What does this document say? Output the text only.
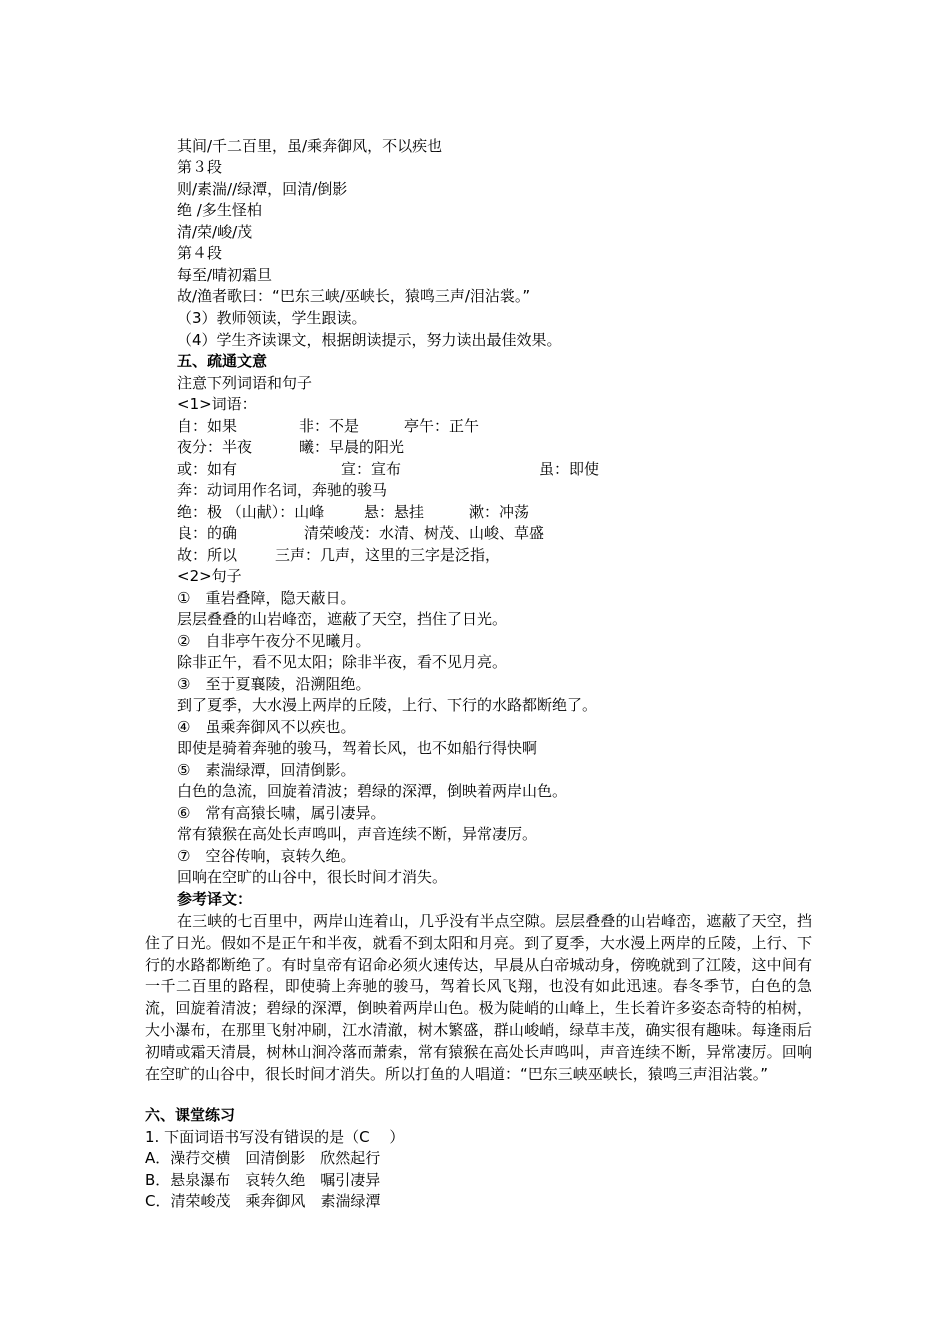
其间/千二百里，虽/乘奔御风，不以疾也
第３段
则/素湍//绿潭，回清/倒影
绝 /多生怪柏
清/荣/峻/茂
第４段
每至/晴初霜旦
故/渔者歌曰：“巴东三峡/巫峡长，猿鸣三声/泪沾裳。”
（3）教师领读，学生跟读。
（4）学生齐读课文，根据朗读提示，努力读出最佳效果。
五、疏通文意
注意下列词语和句子
<1>词语：
自：如果	非：不是	亭午：正午
夜分：半夜	曦：早晨的阳光
或：如有	宣：宣布	虽：即使
奔：动词用作名词，奔驰的骏马
绝：极 （山献）：山峰	悬：悬挂	漱：冲荡
良：的确	清荣峻茂：水清、树茂、山峻、草盛
故：所以	三声：几声，这里的三字是泛指，
<2>句子
①　重岩叠障，隐天蔽日。
层层叠叠的山岩峰峦，遮蔽了天空，挡住了日光。
②　自非亭午夜分不见曦月。
除非正午，看不见太阳；除非半夜，看不见月亮。
③　至于夏襄陵，沿溯阻绝。
到了夏季，大水漫上两岸的丘陵，上行、下行的水路都断绝了。
④　虽乘奔御风不以疾也。
即使是骑着奔驰的骏马，驾着长风，也不如船行得快啊
⑤　素湍绿潭，回清倒影。
白色的急流，回旋着清波；碧绿的深潭，倒映着两岸山色。
⑥　常有高猿长啸，属引凄异。
常有猿猴在高处长声鸣叫，声音连续不断，异常凄厉。
⑦　空谷传响，哀转久绝。
回响在空旷的山谷中，很长时间才消失。
参考译文：
在三峡的七百里中，两岸山连着山，几乎没有半点空隙。层层叠叠的山岩峰峦，遮蔽了天空，挡住了日光。假如不是正午和半夜，就看不到太阳和月亮。到了夏季，大水漫上两岸的丘陵，上行、下行的水路都断绝了。有时皇帝有诏命必须火速传达，早晨从白帝城动身，傍晚就到了江陵，这中间有一千二百里的路程，即使骑上奔驰的骏马，驾着长风飞翔，也没有如此迅速。春冬季节，白色的急流，回旋着清波；碧绿的深潭，倒映着两岸山色。极为陡峭的山峰上，生长着许多姿态奇特的柏树，大小瀑布，在那里飞射冲刷，江水清澈，树木繁盛，群山峻峭，绿草丰茂，确实很有趣味。每逢雨后初晴或霜天清晨，树林山涧冷落而萧索，常有猿猴在高处长声鸣叫，声音连续不断，异常凄厉。回响在空旷的山谷中，很长时间才消失。所以打鱼的人唱道：“巴东三峡巫峡长，猿鸣三声泪沾裳。”
六、课堂练习
1. 下面词语书写没有错误的是（C　 ）
A．澡荇交横　回清倒影　欣然起行
B．悬泉瀑布　哀转久绝　嘱引凄异
C．清荣峻茂　乘奔御风　素湍绿潭
